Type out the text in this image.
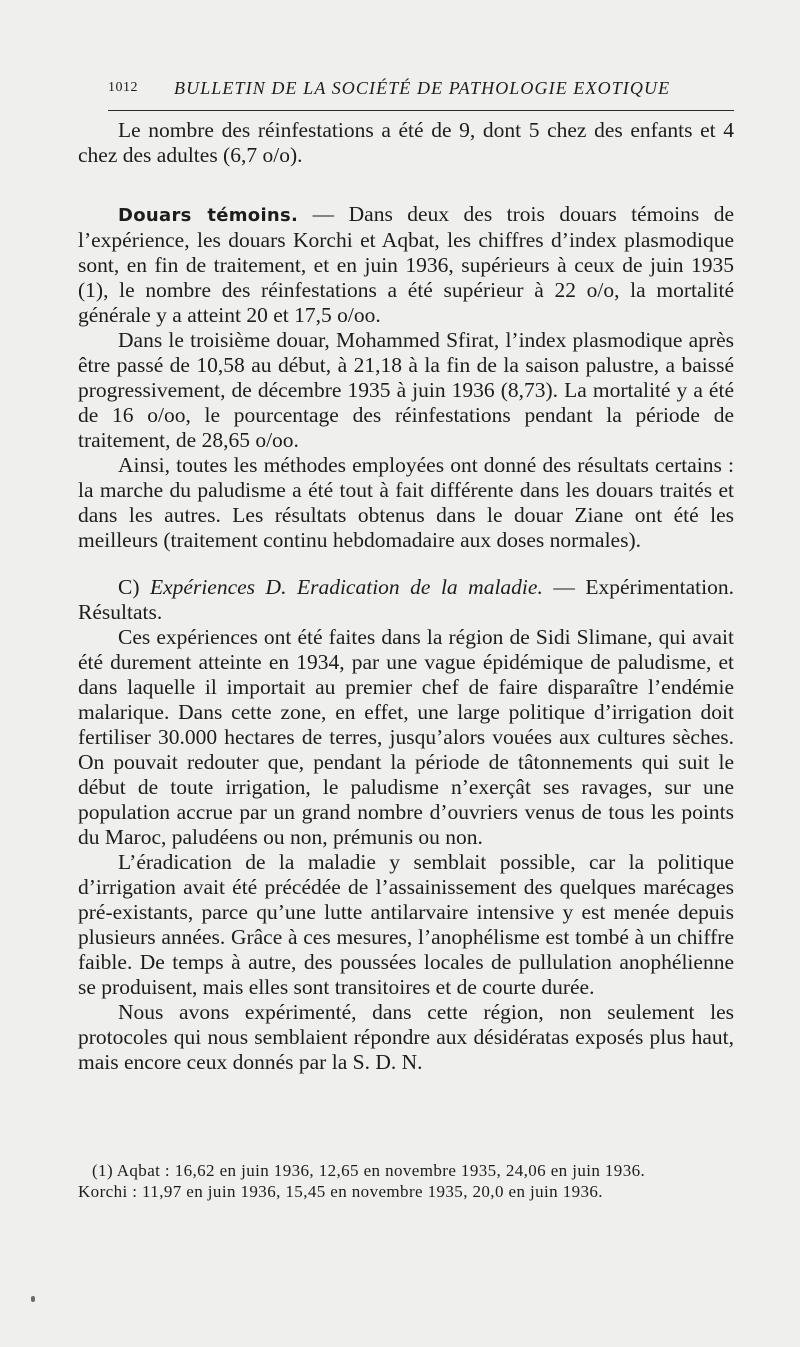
1012 BULLETIN DE LA SOCIÉTÉ DE PATHOLOGIE EXOTIQUE

Le nombre des réinfestations a été de 9, dont 5 chez des enfants et 4 chez des adultes (6,7 o/o).

Douars témoins. — Dans deux des trois douars témoins de l’expérience, les douars Korchi et Aqbat, les chiffres d’index plasmodique sont, en fin de traitement, et en juin 1936, supérieurs à ceux de juin 1935 (1), le nombre des réinfestations a été supérieur à 22 o/o, la mortalité générale y a atteint 20 et 17,5 o/oo.

Dans le troisième douar, Mohammed Sfirat, l’index plasmodique après être passé de 10,58 au début, à 21,18 à la fin de la saison palustre, a baissé progressivement, de décembre 1935 à juin 1936 (8,73). La mortalité y a été de 16 o/oo, le pourcentage des réinfestations pendant la période de traitement, de 28,65 o/oo.

Ainsi, toutes les méthodes employées ont donné des résultats certains : la marche du paludisme a été tout à fait différente dans les douars traités et dans les autres. Les résultats obtenus dans le douar Ziane ont été les meilleurs (traitement continu hebdomadaire aux doses normales).

C) Expériences D. Eradication de la maladie. — Expérimentation. Résultats.

Ces expériences ont été faites dans la région de Sidi Slimane, qui avait été durement atteinte en 1934, par une vague épidémique de paludisme, et dans laquelle il importait au premier chef de faire disparaître l’endémie malarique. Dans cette zone, en effet, une large politique d’irrigation doit fertiliser 30.000 hectares de terres, jusqu’alors vouées aux cultures sèches. On pouvait redouter que, pendant la période de tâtonnements qui suit le début de toute irrigation, le paludisme n’exerçât ses ravages, sur une population accrue par un grand nombre d’ouvriers venus de tous les points du Maroc, paludéens ou non, prémunis ou non.

L’éradication de la maladie y semblait possible, car la politique d’irrigation avait été précédée de l’assainissement des quelques marécages pré-existants, parce qu’une lutte antilarvaire intensive y est menée depuis plusieurs années. Grâce à ces mesures, l’anophélisme est tombé à un chiffre faible. De temps à autre, des poussées locales de pullulation anophélienne se produisent, mais elles sont transitoires et de courte durée.

Nous avons expérimenté, dans cette région, non seulement les protocoles qui nous semblaient répondre aux désidératas exposés plus haut, mais encore ceux donnés par la S. D. N.

(1) Aqbat : 16,62 en juin 1936, 12,65 en novembre 1935, 24,06 en juin 1936.

Korchi : 11,97 en juin 1936, 15,45 en novembre 1935, 20,0 en juin 1936.
